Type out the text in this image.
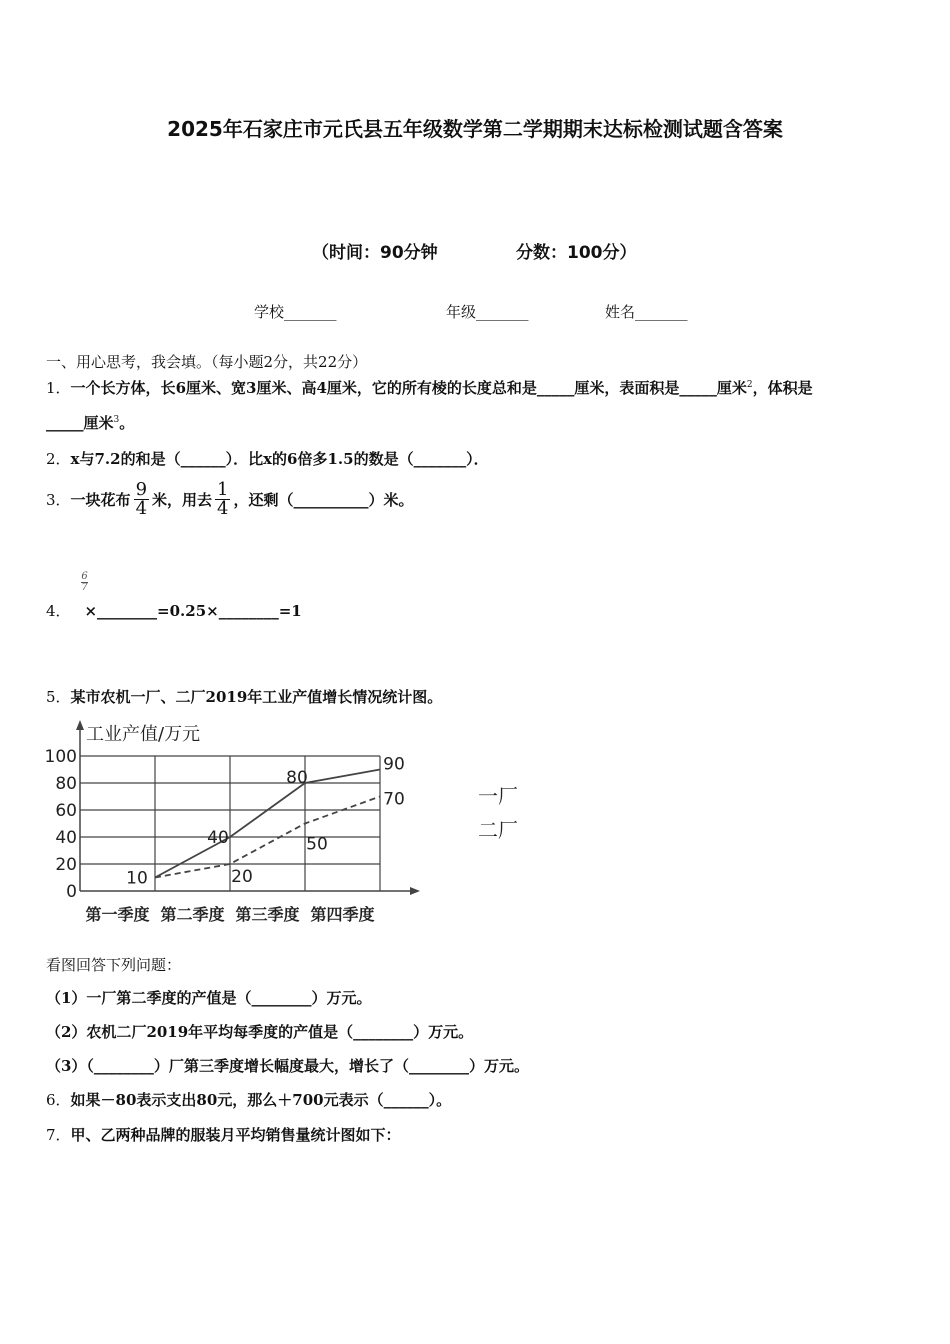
2025年石家庄市元氏县五年级数学第二学期期末达标检测试题含答案
（时间：90分钟	分数：100分）
学校_______	年级_______	姓名_______
一、用心思考，我会填。（每小题2分，共22分）
1．一个长方体，长6厘米、宽3厘米、高4厘米，它的所有棱的长度总和是_____厘米，表面积是_____厘米$^2$，体积是
_____厘米$^3$。
2．x与7.2的和是（______）．比x的6倍多1.5的数是（_______）．
3．一块花布 $\frac{9}{4}$ 米，用去 $\frac{1}{4}$ ，还剩（__________）米。
4．
$\frac{6}{7}$
×________=0.25×________=1
5．某市农机一厂、二厂2019年工业产值增长情况统计图。
0
20
40
60
80
100
工业产值/万元
第一季度 第二季度 第三季度 第四季度
10
40
80
90
20
50
70	一厂
二厂
看图回答下列问题：
（1）一厂第二季度的产值是（________）万元。
（2）农机二厂2019年平均每季度的产值是（________）万元。
（3）（________）厂第三季度增长幅度最大，增长了（________）万元。
6．如果－80表示支出80元，那么＋700元表示（______）。
7．甲、乙两种品牌的服装月平均销售量统计图如下：
